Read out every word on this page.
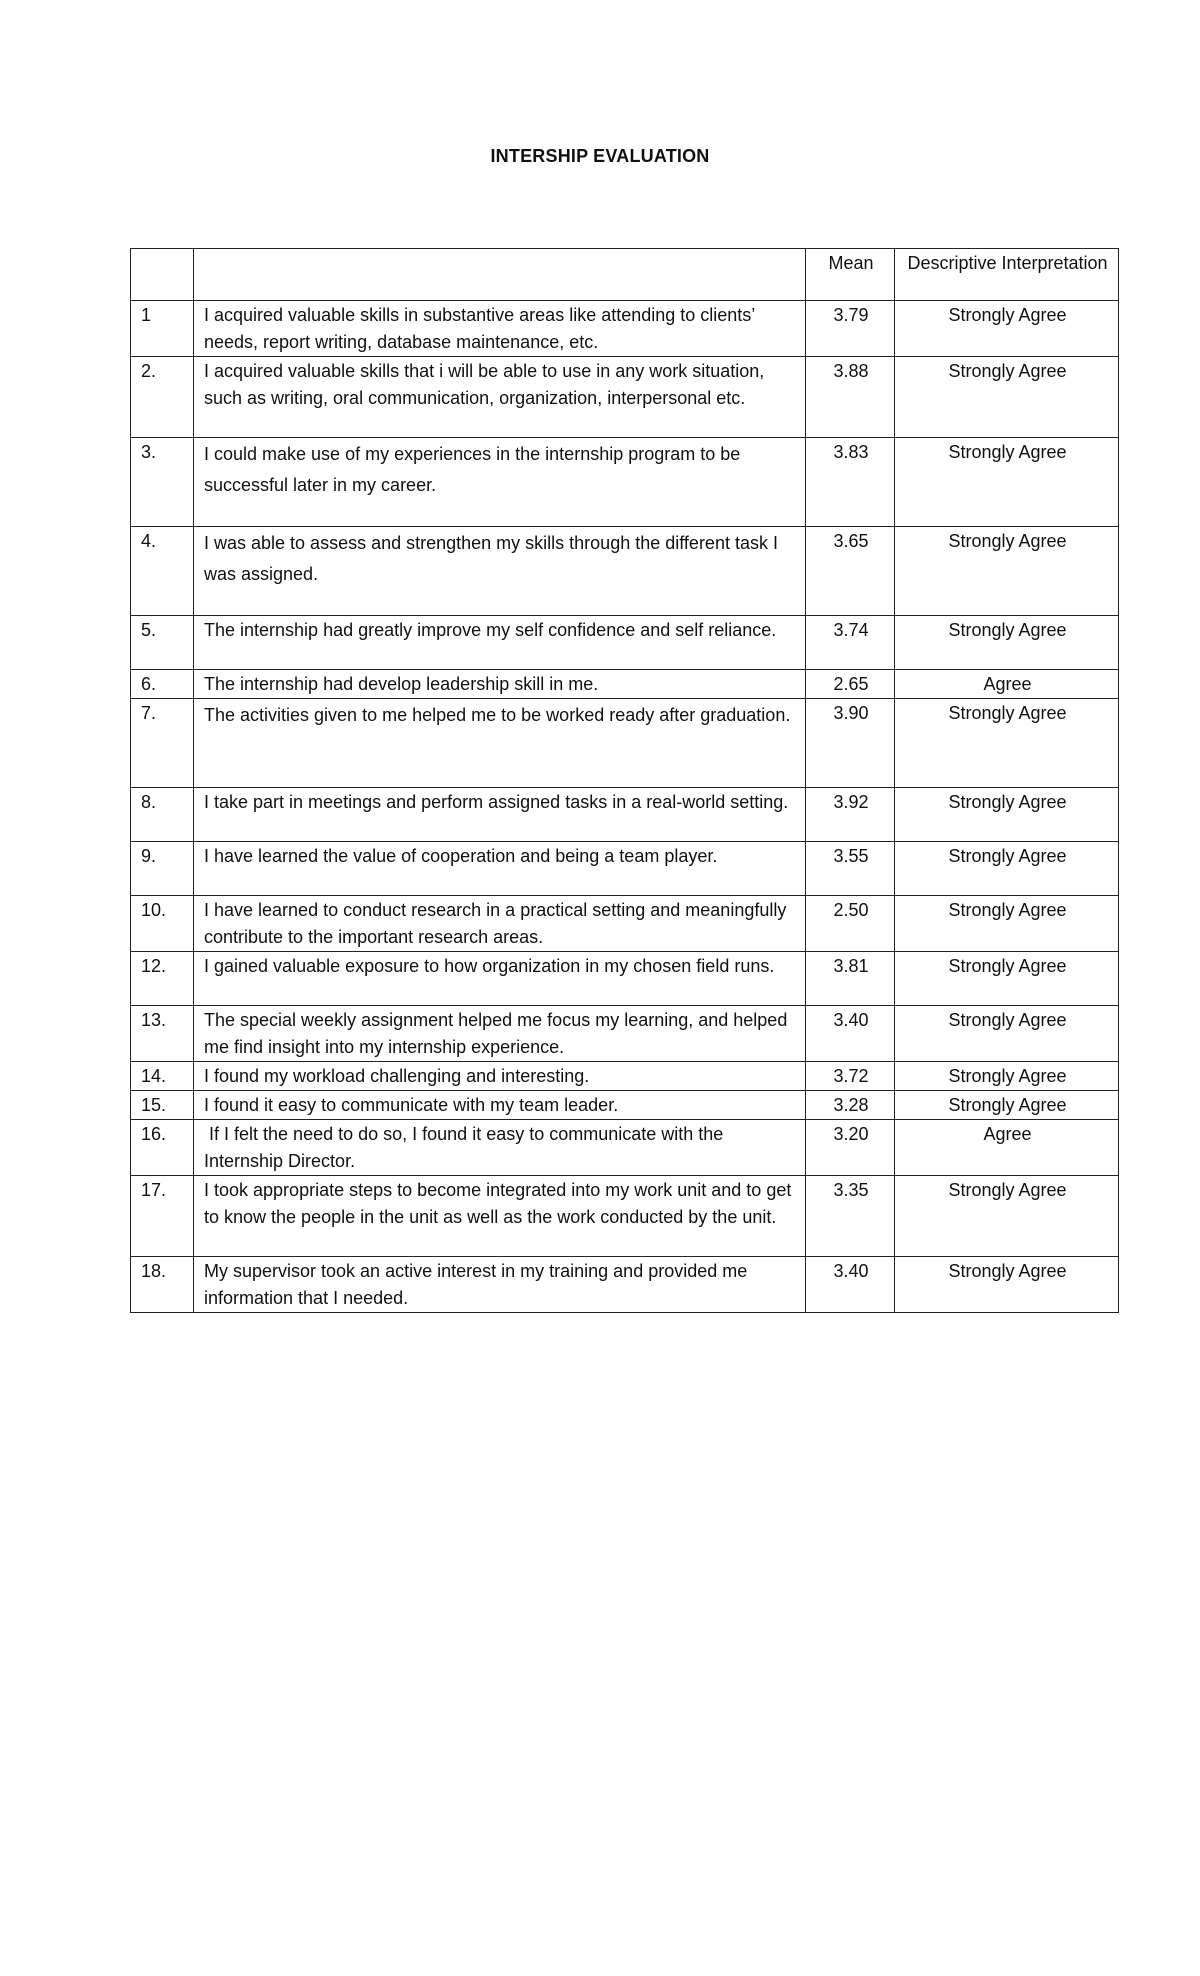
INTERSHIP EVALUATION
		Mean	Descriptive Interpretation
1	I acquired valuable skills in substantive areas like attending to clients’ needs, report writing, database maintenance, etc.	3.79	Strongly Agree
2.	I acquired valuable skills that i will be able to use in any work situation, such as writing, oral communication, organization, interpersonal etc.	3.88	Strongly Agree
3.	I could make use of my experiences in the internship program to be successful later in my career.	3.83	Strongly Agree
4.	I was able to assess and strengthen my skills through the different task I was assigned.	3.65	Strongly Agree
5.	The internship had greatly improve my self confidence and self reliance.	3.74	Strongly Agree
6.	The internship had develop leadership skill in me.	2.65	Agree
7.	The activities given to me helped me to be worked ready after graduation.	3.90	Strongly Agree
8.	I take part in meetings and perform assigned tasks in a real-world setting.	3.92	Strongly Agree
9.	I have learned the value of cooperation and being a team player.	3.55	Strongly Agree
10.	I have learned to conduct research in a practical setting and meaningfully contribute to the important research areas.	2.50	Strongly Agree
12.	I gained valuable exposure to how organization in my chosen field runs.	3.81	Strongly Agree
13.	The special weekly assignment helped me focus my learning, and helped me find insight into my internship experience.	3.40	Strongly Agree
14.	I found my workload challenging and interesting.	3.72	Strongly Agree
15.	I found it easy to communicate with my team leader.	3.28	Strongly Agree
16.	If I felt the need to do so, I found it easy to communicate with the Internship Director.	3.20	Agree
17.	I took appropriate steps to become integrated into my work unit and to get to know the people in the unit as well as the work conducted by the unit.	3.35	Strongly Agree
18.	My supervisor took an active interest in my training and provided me information that I needed.	3.40	Strongly Agree
